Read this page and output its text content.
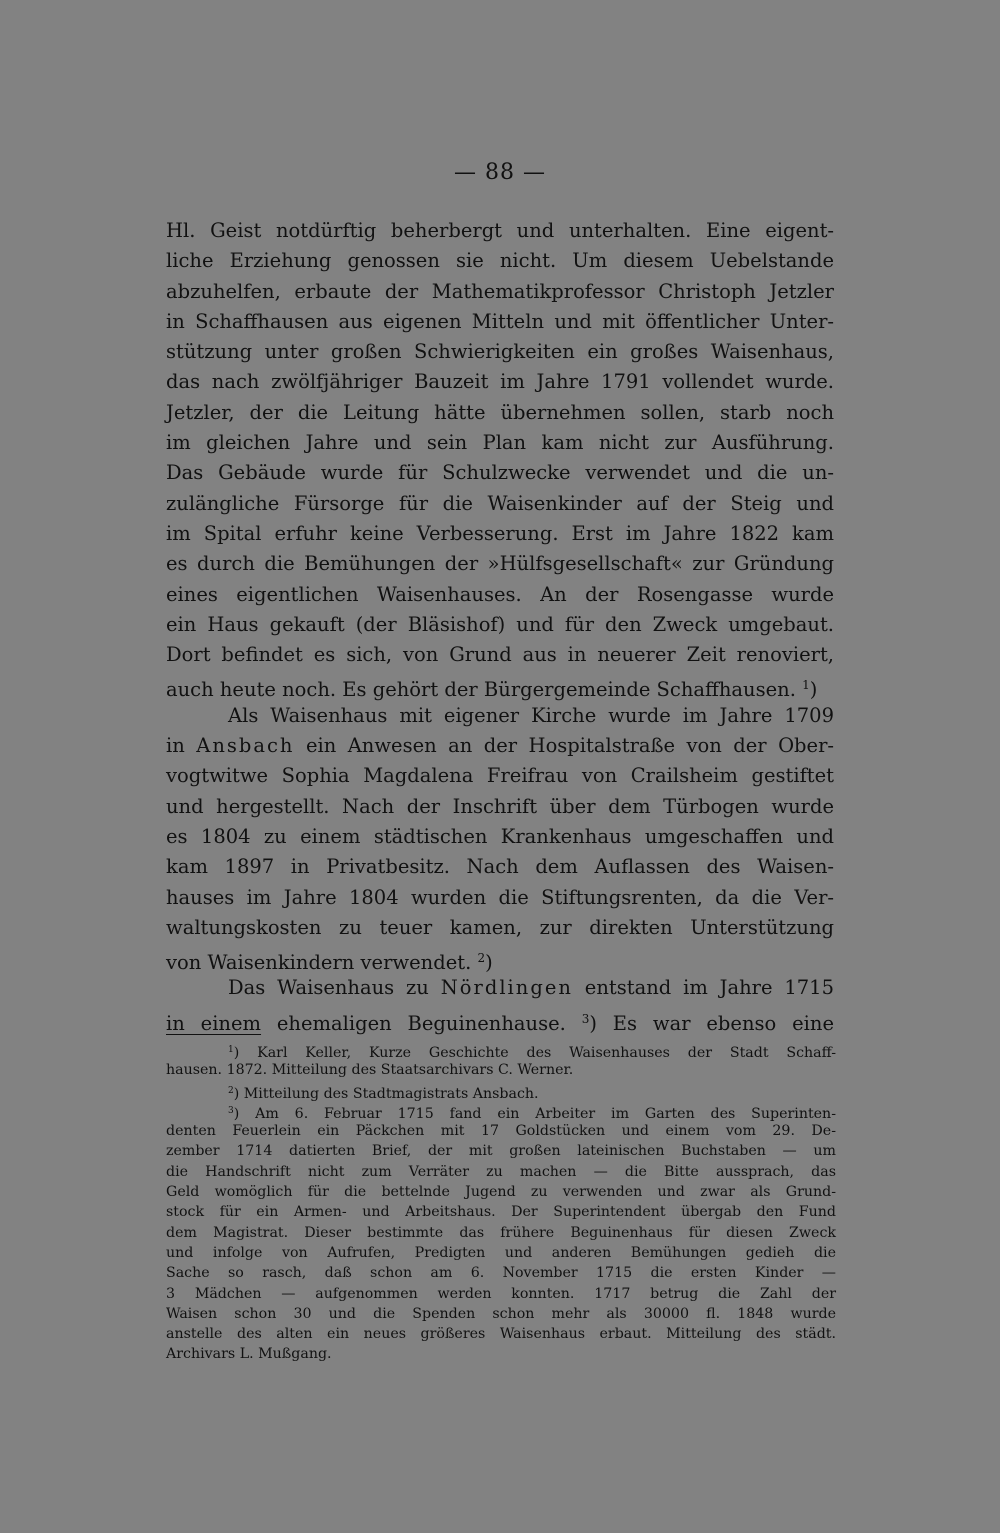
— 88 —
Hl. Geist notdürftig beherbergt und unterhalten. Eine eigent-
liche Erziehung genossen sie nicht. Um diesem Uebelstande
abzuhelfen, erbaute der Mathematikprofessor Christoph Jetzler
in Schaffhausen aus eigenen Mitteln und mit öffentlicher Unter-
stützung unter großen Schwierigkeiten ein großes Waisenhaus,
das nach zwölfjähriger Bauzeit im Jahre 1791 vollendet wurde.
Jetzler, der die Leitung hätte übernehmen sollen, starb noch
im gleichen Jahre und sein Plan kam nicht zur Ausführung.
Das Gebäude wurde für Schulzwecke verwendet und die un-
zulängliche Fürsorge für die Waisenkinder auf der Steig und
im Spital erfuhr keine Verbesserung. Erst im Jahre 1822 kam
es durch die Bemühungen der »Hülfsgesellschaft« zur Gründung
eines eigentlichen Waisenhauses. An der Rosengasse wurde
ein Haus gekauft (der Bläsishof) und für den Zweck umgebaut.
Dort befindet es sich, von Grund aus in neuerer Zeit renoviert,
auch heute noch. Es gehört der Bürgergemeinde Schaffhausen. $^1$)
Als Waisenhaus mit eigener Kirche wurde im Jahre 1709
in Ansbach ein Anwesen an der Hospitalstraße von der Ober-
vogtwitwe Sophia Magdalena Freifrau von Crailsheim gestiftet
und hergestellt. Nach der Inschrift über dem Türbogen wurde
es 1804 zu einem städtischen Krankenhaus umgeschaffen und
kam 1897 in Privatbesitz. Nach dem Auflassen des Waisen-
hauses im Jahre 1804 wurden die Stiftungsrenten, da die Ver-
waltungskosten zu teuer kamen, zur direkten Unterstützung
von Waisenkindern verwendet. $^2$)
Das Waisenhaus zu Nördlingen entstand im Jahre 1715
in einem ehemaligen Beguinenhause. $^3$) Es war ebenso eine
$^1$) Karl Keller, Kurze Geschichte des Waisenhauses der Stadt Schaff-
hausen. 1872. Mitteilung des Staatsarchivars C. Werner.
$^2$) Mitteilung des Stadtmagistrats Ansbach.
$^3$) Am 6. Februar 1715 fand ein Arbeiter im Garten des Superinten-
denten Feuerlein ein Päckchen mit 17 Goldstücken und einem vom 29. De-
zember 1714 datierten Brief, der mit großen lateinischen Buchstaben — um
die Handschrift nicht zum Verräter zu machen — die Bitte aussprach, das
Geld womöglich für die bettelnde Jugend zu verwenden und zwar als Grund-
stock für ein Armen- und Arbeitshaus. Der Superintendent übergab den Fund
dem Magistrat. Dieser bestimmte das frühere Beguinenhaus für diesen Zweck
und infolge von Aufrufen, Predigten und anderen Bemühungen gedieh die
Sache so rasch, daß schon am 6. November 1715 die ersten Kinder —
3 Mädchen — aufgenommen werden konnten. 1717 betrug die Zahl der
Waisen schon 30 und die Spenden schon mehr als 30000 fl. 1848 wurde
anstelle des alten ein neues größeres Waisenhaus erbaut. Mitteilung des städt.
Archivars L. Mußgang.
